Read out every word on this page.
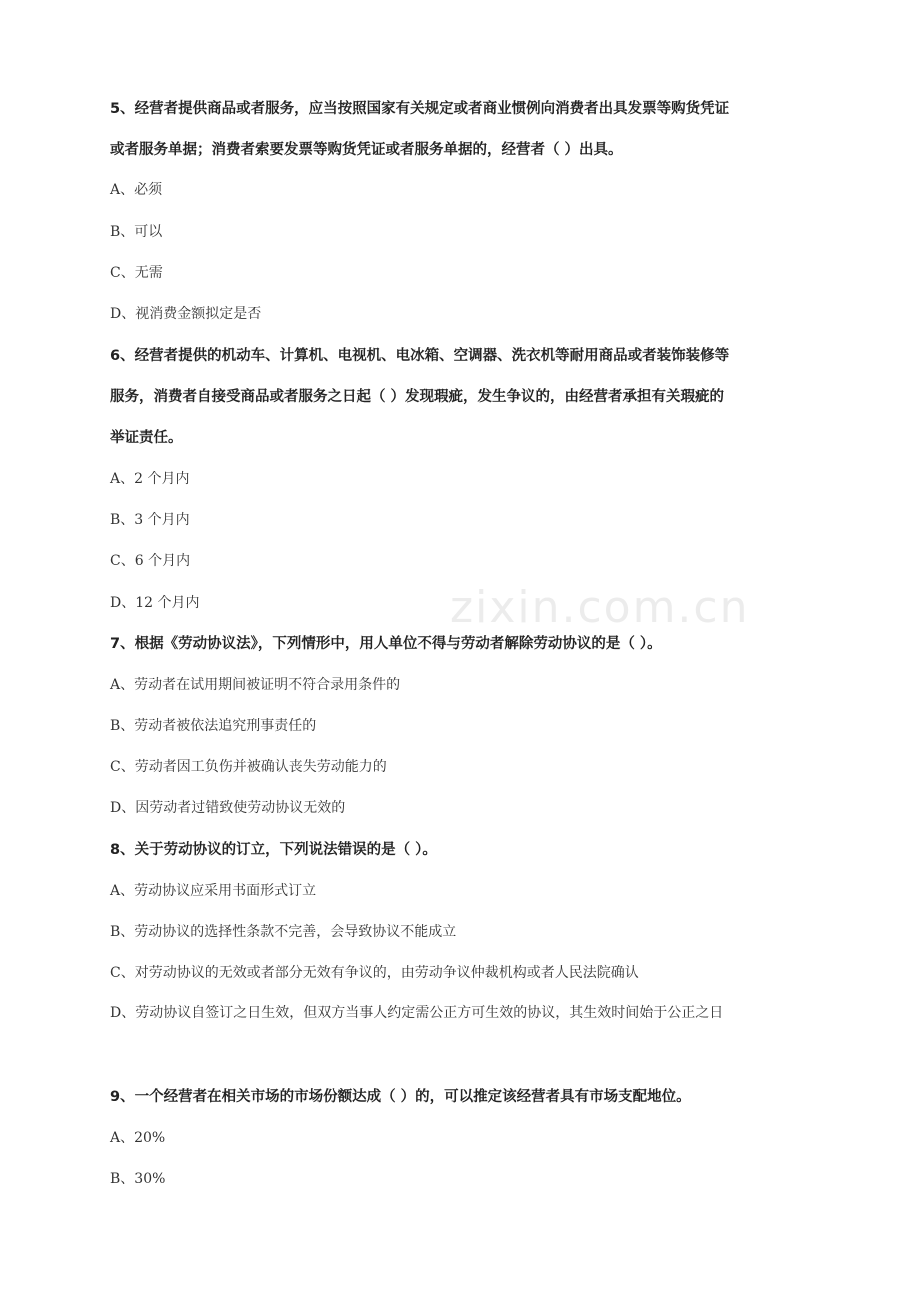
zixin.com.cn

5、经营者提供商品或者服务，应当按照国家有关规定或者商业惯例向消费者出具发票等购货凭证

或者服务单据；消费者索要发票等购货凭证或者服务单据的，经营者（ ）出具。

A、必须

B、可以

C、无需

D、视消费金额拟定是否

6、经营者提供的机动车、计算机、电视机、电冰箱、空调器、洗衣机等耐用商品或者装饰装修等

服务，消费者自接受商品或者服务之日起（ ）发现瑕疵，发生争议的，由经营者承担有关瑕疵的

举证责任。

A、2 个月内

B、3 个月内

C、6 个月内

D、12 个月内

7、根据《劳动协议法》，下列情形中，用人单位不得与劳动者解除劳动协议的是（ ）。

A、劳动者在试用期间被证明不符合录用条件的

B、劳动者被依法追究刑事责任的

C、劳动者因工负伤并被确认丧失劳动能力的

D、因劳动者过错致使劳动协议无效的

8、关于劳动协议的订立，下列说法错误的是（ ）。

A、劳动协议应采用书面形式订立

B、劳动协议的选择性条款不完善，会导致协议不能成立

C、对劳动协议的无效或者部分无效有争议的，由劳动争议仲裁机构或者人民法院确认

D、劳动协议自签订之日生效，但双方当事人约定需公正方可生效的协议，其生效时间始于公正之日

9、一个经营者在相关市场的市场份额达成（ ）的，可以推定该经营者具有市场支配地位。

A、20%

B、30%
